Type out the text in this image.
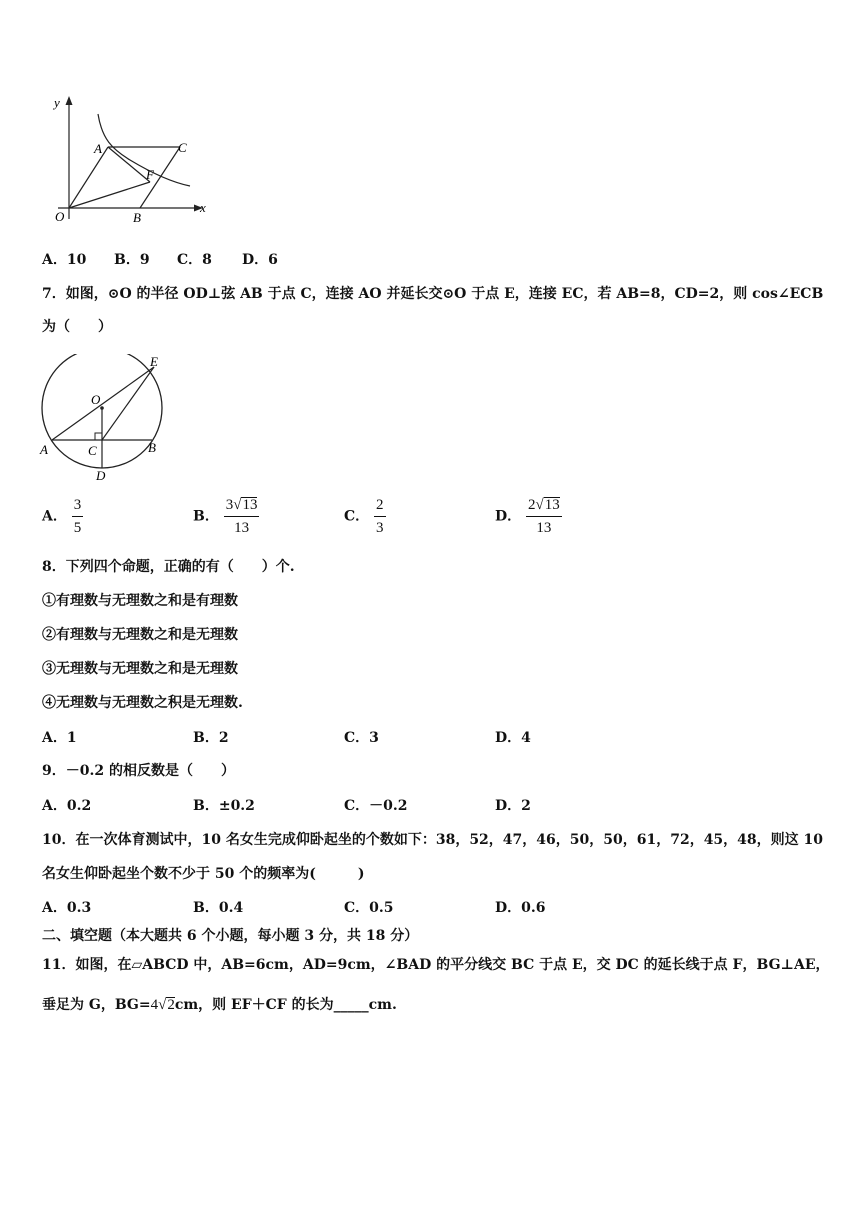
y
x
O
A
B
C
F
A．10 B．9 C．8 D．6
7．如图，⊙O 的半径 OD⊥弦 AB 于点 C，连接 AO 并延长交⊙O 于点 E，连接 EC，若 AB=8，CD=2，则 cos∠ECB
为（　　）
O
E
A	B
C
D
A． $\frac{3}{5}$	B． $\frac{3√13}{13}$	C． $\frac{2}{3}$	D． $\frac{2√13}{13}$
8．下列四个命题，正确的有（　　）个.
①有理数与无理数之和是有理数
②有理数与无理数之和是无理数
③无理数与无理数之和是无理数
④无理数与无理数之积是无理数.
A．1	B．2	C．3	D．4
9．－0.2 的相反数是（　　）
A．0.2	B．±0.2	C．－0.2	D．2
10．在一次体育测试中，10 名女生完成仰卧起坐的个数如下：38，52，47，46，50，50，61，72，45，48，则这 10
名女生仰卧起坐个数不少于 50 个的频率为(　　　)
A．0.3	B．0.4	C．0.5	D．0.6
二、填空题（本大题共 6 个小题，每小题 3 分，共 18 分）
11．如图，在▱ABCD 中，AB=6cm，AD=9cm，∠BAD 的平分线交 BC 于点 E，交 DC 的延长线于点 F，BG⊥AE，
垂足为 G，BG=4√2cm，则 EF＋CF 的长为_____cm.
